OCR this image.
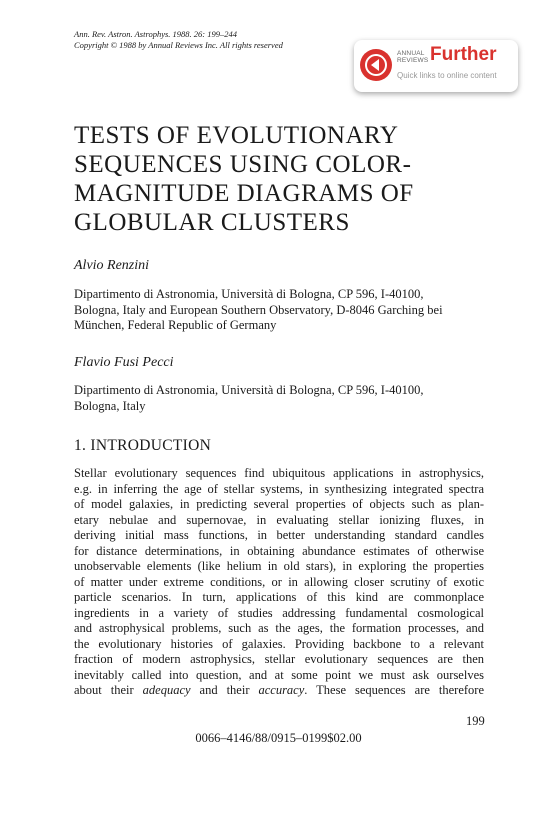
Ann. Rev. Astron. Astrophys. 1988. 26: 199–244
Copyright © 1988 by Annual Reviews Inc. All rights reserved
ANNUAL
REVIEWS Further
Quick links to online content
TESTS OF EVOLUTIONARY
SEQUENCES USING COLOR-
MAGNITUDE DIAGRAMS OF
GLOBULAR CLUSTERS
Alvio Renzini
Dipartimento di Astronomia, Università di Bologna, CP 596, I-40100,
Bologna, Italy and European Southern Observatory, D-8046 Garching bei
München, Federal Republic of Germany
Flavio Fusi Pecci
Dipartimento di Astronomia, Università di Bologna, CP 596, I-40100,
Bologna, Italy
1. INTRODUCTION
Stellar evolutionary sequences find ubiquitous applications in astrophysics,
e.g. in inferring the age of stellar systems, in synthesizing integrated spectra
of model galaxies, in predicting several properties of objects such as plan-
etary nebulae and supernovae, in evaluating stellar ionizing fluxes, in
deriving initial mass functions, in better understanding standard candles
for distance determinations, in obtaining abundance estimates of otherwise
unobservable elements (like helium in old stars), in exploring the properties
of matter under extreme conditions, or in allowing closer scrutiny of exotic
particle scenarios. In turn, applications of this kind are commonplace
ingredients in a variety of studies addressing fundamental cosmological
and astrophysical problems, such as the ages, the formation processes, and
the evolutionary histories of galaxies. Providing backbone to a relevant
fraction of modern astrophysics, stellar evolutionary sequences are then
inevitably called into question, and at some point we must ask ourselves
about their adequacy and their accuracy. These sequences are therefore
199
0066–4146/88/0915–0199$02.00
